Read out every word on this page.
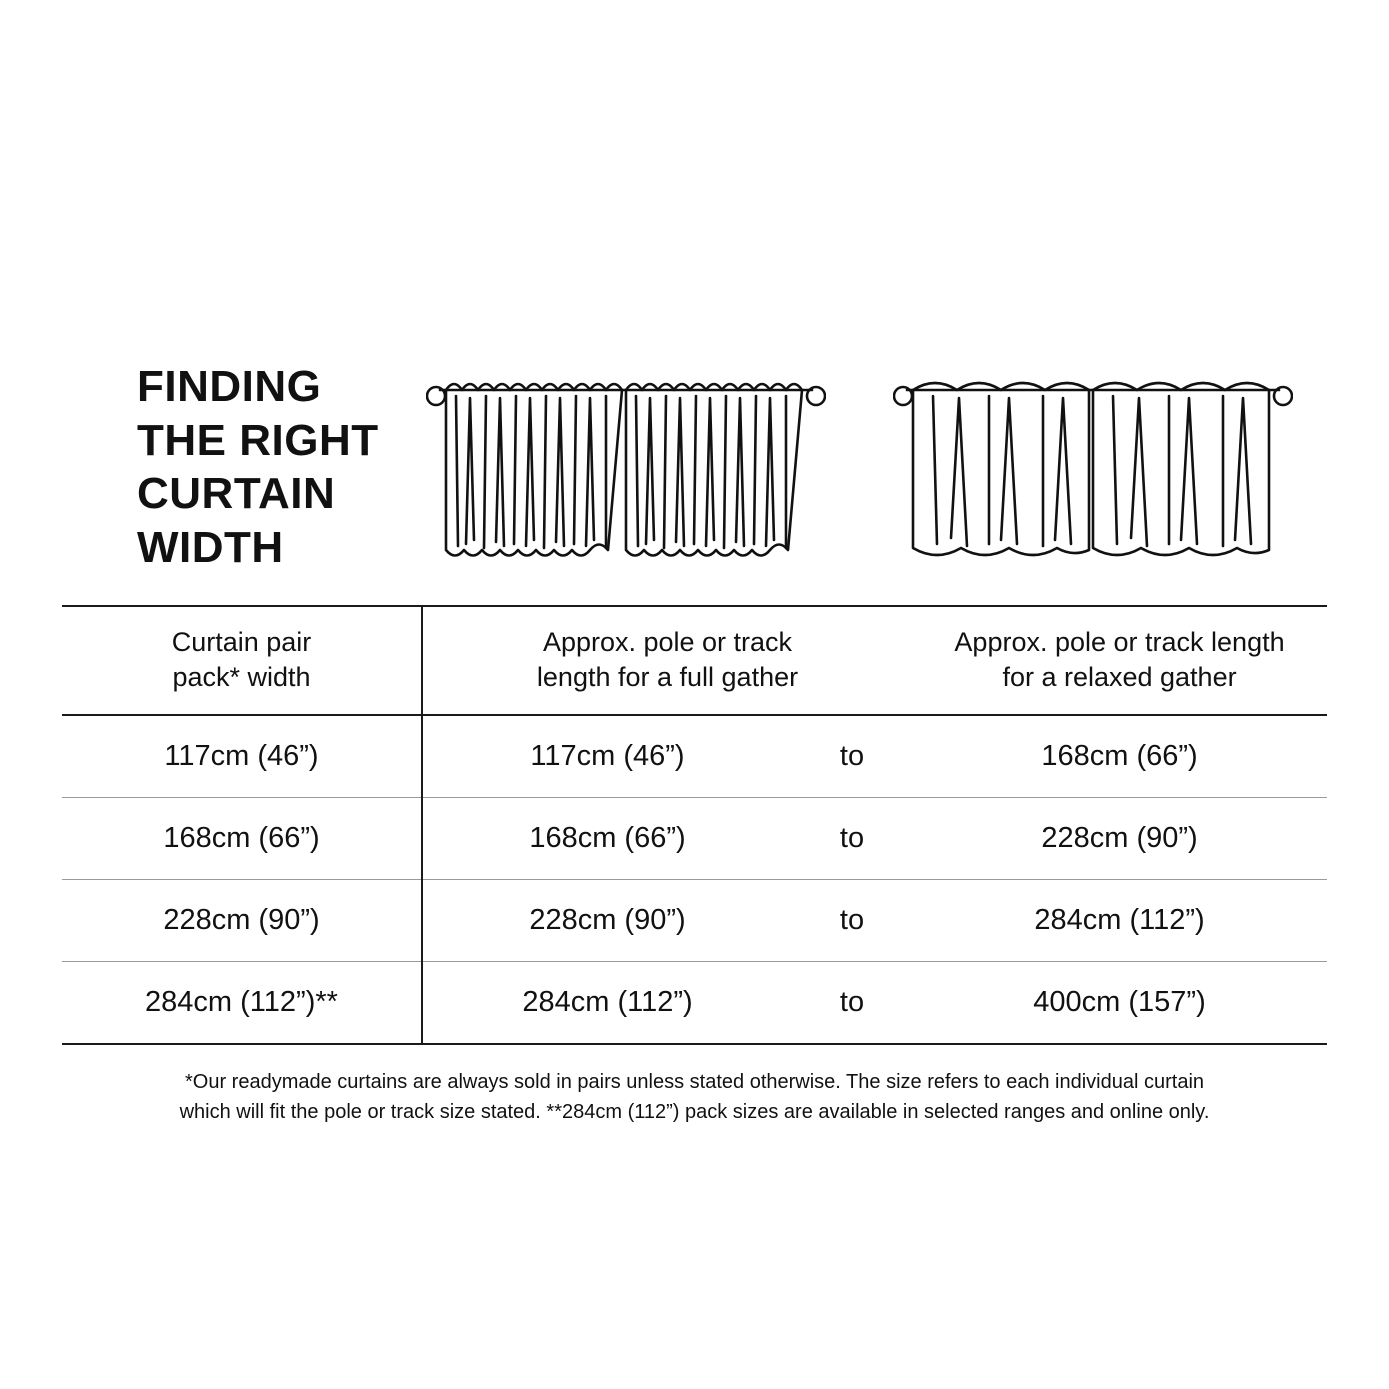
FINDING
THE RIGHT
CURTAIN
WIDTH
Curtain pair
pack* width

Approx. pole or track
length for a full gather

Approx. pole or track length
for a relaxed gather

117cm (46”)	117cm (46”)	to	168cm (66”)
168cm (66”)	168cm (66”)	to	228cm (90”)
228cm (90”)	228cm (90”)	to	284cm (112”)
284cm (112”)**	284cm (112”)	to	400cm (157”)
*Our readymade curtains are always sold in pairs unless stated otherwise. The size refers to each individual curtain
which will fit the pole or track size stated. **284cm (112”) pack sizes are available in selected ranges and online only.
